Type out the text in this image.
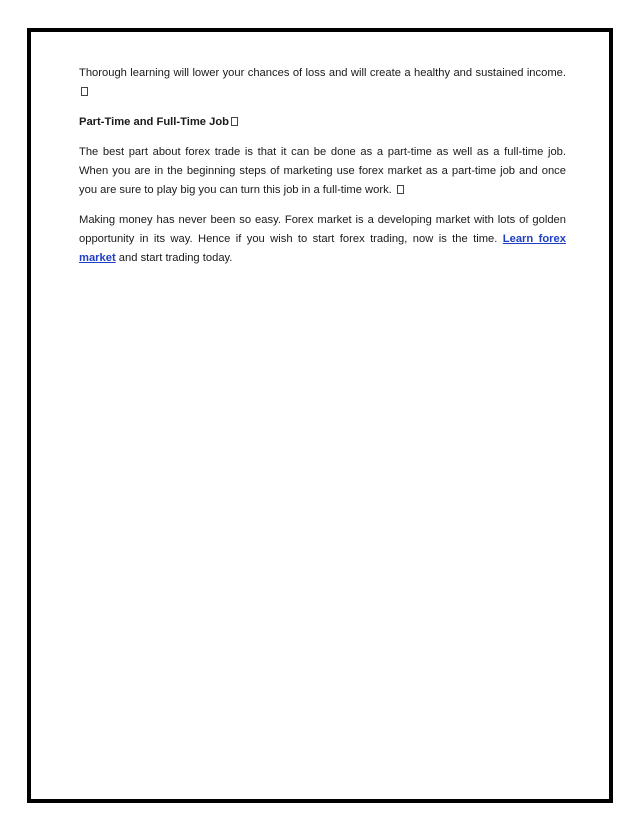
Thorough learning will lower your chances of loss and will create a healthy and sustained income.

Part-Time and Full-Time Job

The best part about forex trade is that it can be done as a part-time as well as a full-time job. When you are in the beginning steps of marketing use forex market as a part-time job and once you are sure to play big you can turn this job in a full-time work.

Making money has never been so easy. Forex market is a developing market with lots of golden opportunity in its way. Hence if you wish to start forex trading, now is the time. Learn forex market and start trading today.
